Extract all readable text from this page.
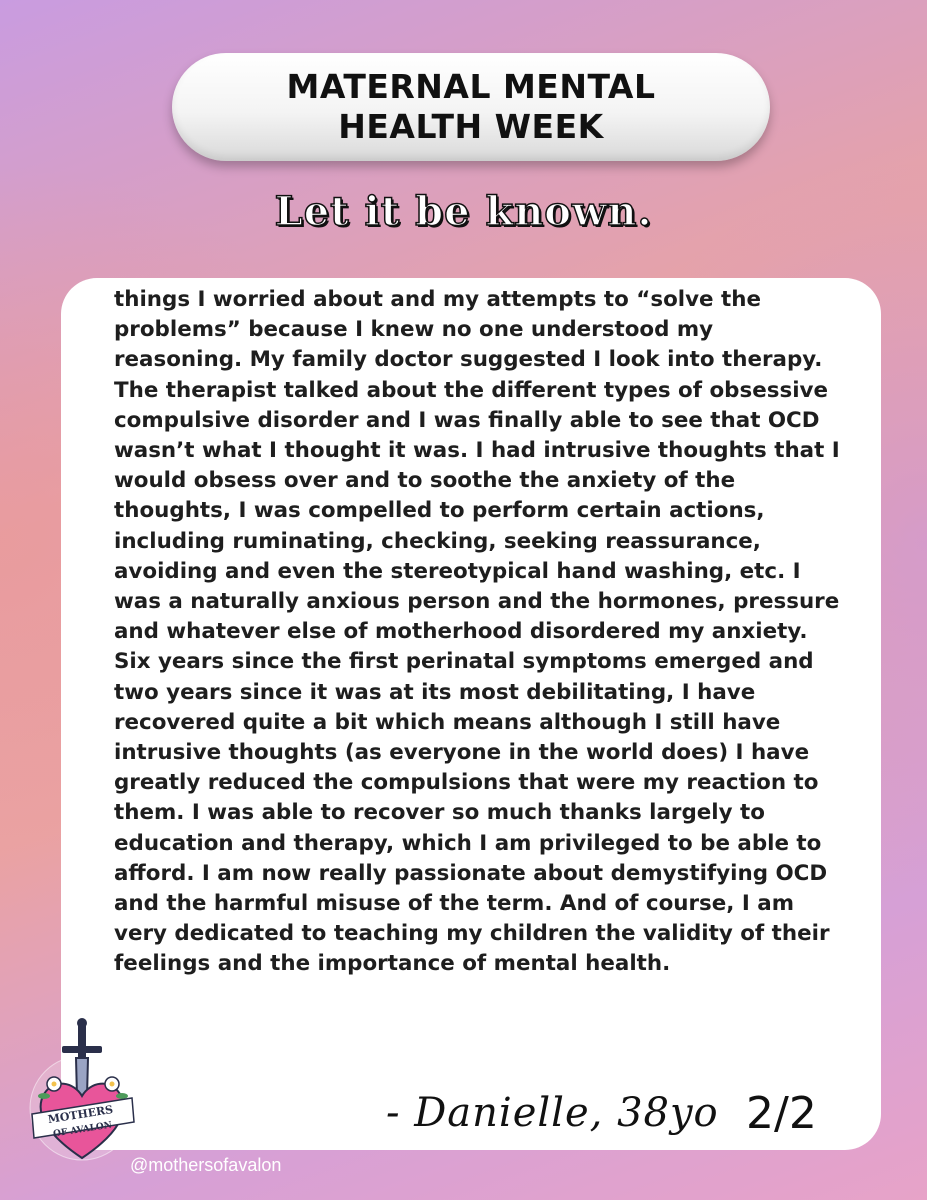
MATERNAL MENTAL
HEALTH WEEK
Let it be known.

things I worried about and my attempts to “solve the problems” because I knew no one understood my reasoning. My family doctor suggested I look into therapy. The therapist talked about the different types of obsessive compulsive disorder and I was finally able to see that OCD wasn’t what I thought it was. I had intrusive thoughts that I would obsess over and to soothe the anxiety of the thoughts, I was compelled to perform certain actions, including ruminating, checking, seeking reassurance, avoiding and even the stereotypical hand washing, etc. I was a naturally anxious person and the hormones, pressure and whatever else of motherhood disordered my anxiety. Six years since the first perinatal symptoms emerged and two years since it was at its most debilitating, I have recovered quite a bit which means although I still have intrusive thoughts (as everyone in the world does) I have greatly reduced the compulsions that were my reaction to them. I was able to recover so much thanks largely to education and therapy, which I am privileged to be able to afford. I am now really passionate about demystifying OCD and the harmful misuse of the term. And of course, I am very dedicated to teaching my children the validity of their feelings and the importance of mental health.

- Danielle, 38yo 2/2
MOTHERS
OF AVALON
@mothersofavalon
